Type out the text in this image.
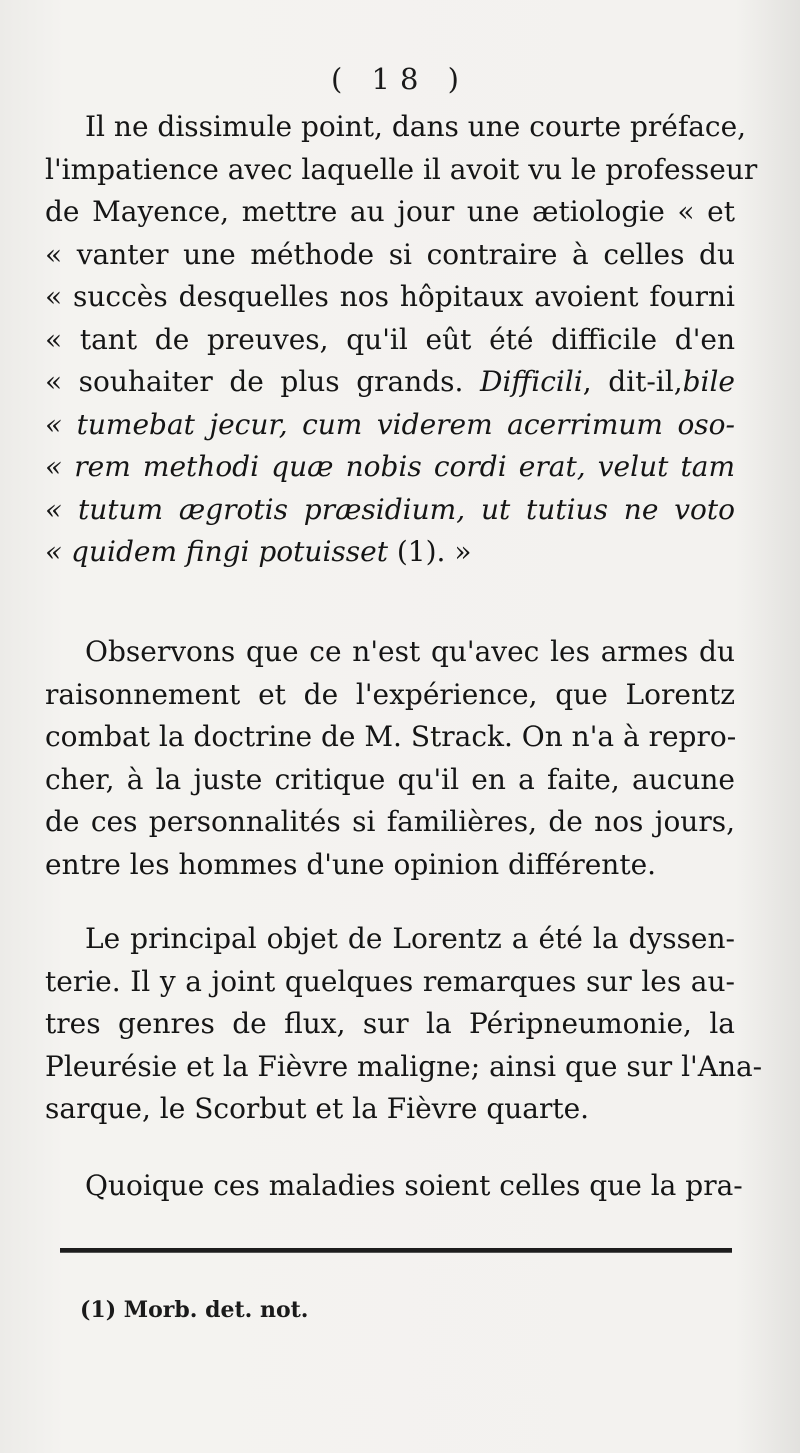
( 18 )
Il ne dissimule point, dans une courte préface,
l'impatience avec laquelle il avoit vu le professeur
de Mayence, mettre au jour une ætiologie « et
« vanter une méthode si contraire à celles du
« succès desquelles nos hôpitaux avoient fourni
« tant de preuves, qu'il eût été difficile d'en
« souhaiter de plus grands. Difficili, dit-il,bile
« tumebat jecur, cum viderem acerrimum oso-
« rem methodi quæ nobis cordi erat, velut tam
« tutum ægrotis præsidium, ut tutius ne voto
« quidem fingi potuisset (1). »
Observons que ce n'est qu'avec les armes du
raisonnement et de l'expérience, que Lorentz
combat la doctrine de M. Strack. On n'a à repro-
cher, à la juste critique qu'il en a faite, aucune
de ces personnalités si familières, de nos jours,
entre les hommes d'une opinion différente.
Le principal objet de Lorentz a été la dyssen-
terie. Il y a joint quelques remarques sur les au-
tres genres de flux, sur la Péripneumonie, la
Pleurésie et la Fièvre maligne; ainsi que sur l'Ana-
sarque, le Scorbut et la Fièvre quarte.
Quoique ces maladies soient celles que la pra-
(1) Morb. det. not.
